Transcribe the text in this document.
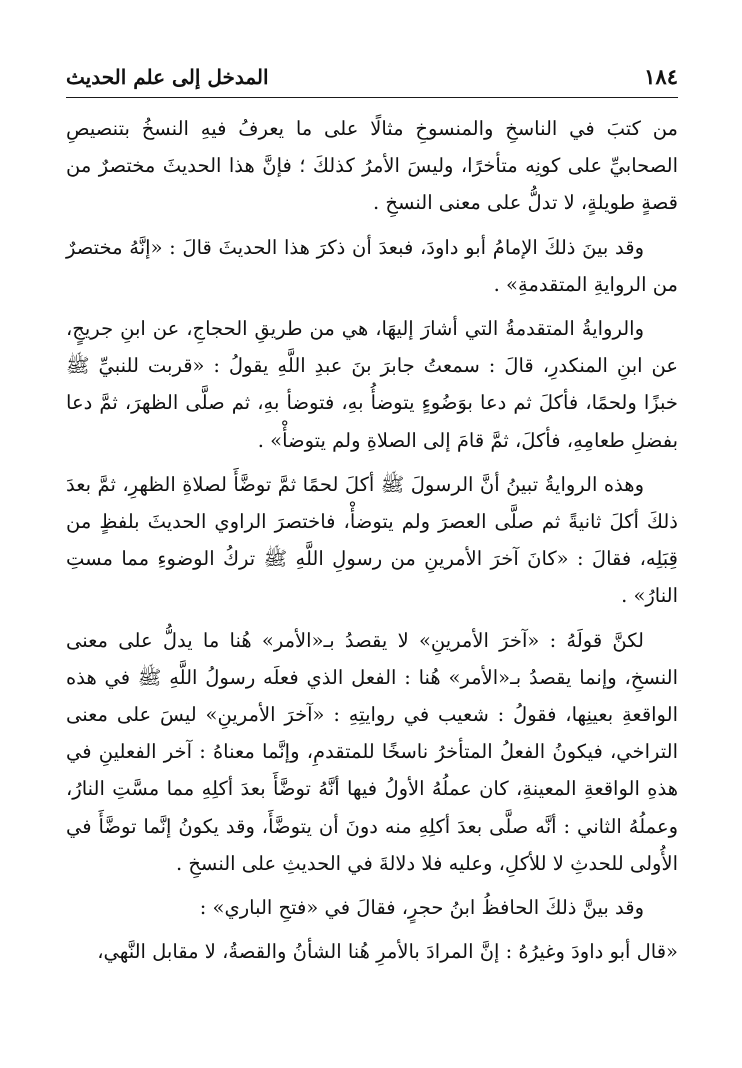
١٨٤
المدخل إلى علم الحديث

من كتبَ في الناسخِ والمنسوخِ مثالًا على ما يعرفُ فيهِ النسخُ بتنصيصِ الصحابيِّ على كونِه متأخرًا، وليسَ الأمرُ كذلكَ ؛ فإنَّ هذا الحديثَ مختصرٌ من قصةٍ طويلةٍ، لا تدلُّ على معنى النسخِ .

وقد بينَ ذلكَ الإمامُ أبو داودَ، فبعدَ أن ذكرَ هذا الحديثَ قالَ : «إنَّهُ مختصرٌ من الروايةِ المتقدمةِ» .

والروايةُ المتقدمةُ التي أشارَ إليهَا، هي من طريقِ الحجاجِ، عن ابنِ جريجٍ، عن ابنِ المنكدرِ، قالَ : سمعتُ جابرَ بنَ عبدِ اللَّهِ يقولُ : «قربت للنبيِّ ﷺ خبزًا ولحمًا، فأكلَ ثم دعا بوَضُوءٍ يتوضأُ بهِ، فتوضأ بهِ، ثم صلَّى الظهرَ، ثمَّ دعا بفضلِ طعامِهِ، فأكلَ، ثمَّ قامَ إلى الصلاةِ ولم يتوضأْ» .

وهذه الروايةُ تبينُ أنَّ الرسولَ ﷺ أكلَ لحمًا ثمَّ توضَّأَ لصلاةِ الظهرِ، ثمَّ بعدَ ذلكَ أكلَ ثانيةً ثم صلَّى العصرَ ولم يتوضأْ، فاختصرَ الراوي الحديثَ بلفظٍ من قِبَلِه، فقالَ : «كانَ آخرَ الأمرينِ من رسولِ اللَّهِ ﷺ تركُ الوضوءِ مما مستِ النارُ» .

لكنَّ قولَهُ : «آخرَ الأمرينِ» لا يقصدُ بـ«الأمر» هُنا ما يدلُّ على معنى النسخِ، وإنما يقصدُ بـ«الأمر» هُنا : الفعل الذي فعلَه رسولُ اللَّهِ ﷺ في هذه الواقعةِ بعينِها، فقولُ : شعيب في روايتِهِ : «آخرَ الأمرينِ» ليسَ على معنى التراخي، فيكونُ الفعلُ المتأخرُ ناسخًا للمتقدمِ، وإنَّما معناهُ : آخر الفعلينِ في هذهِ الواقعةِ المعينةِ، كان عملُهُ الأولُ فيها أنَّهُ توضَّأَ بعدَ أكلِهِ مما مسَّتِ النارُ، وعملُهُ الثاني : أنَّه صلَّى بعدَ أكلِهِ منه دونَ أن يتوضَّأَ، وقد يكونُ إنَّما توضَّأَ في الأُولى للحدثِ لا للأكلِ، وعليه فلا دلالةَ في الحديثِ على النسخِ .

وقد بينَّ ذلكَ الحافظُ ابنُ حجرٍ، فقالَ في «فتحِ الباري» :

«قال أبو داودَ وغيرُهُ : إنَّ المرادَ بالأمرِ هُنا الشأنُ والقصةُ، لا مقابل النَّهي،
